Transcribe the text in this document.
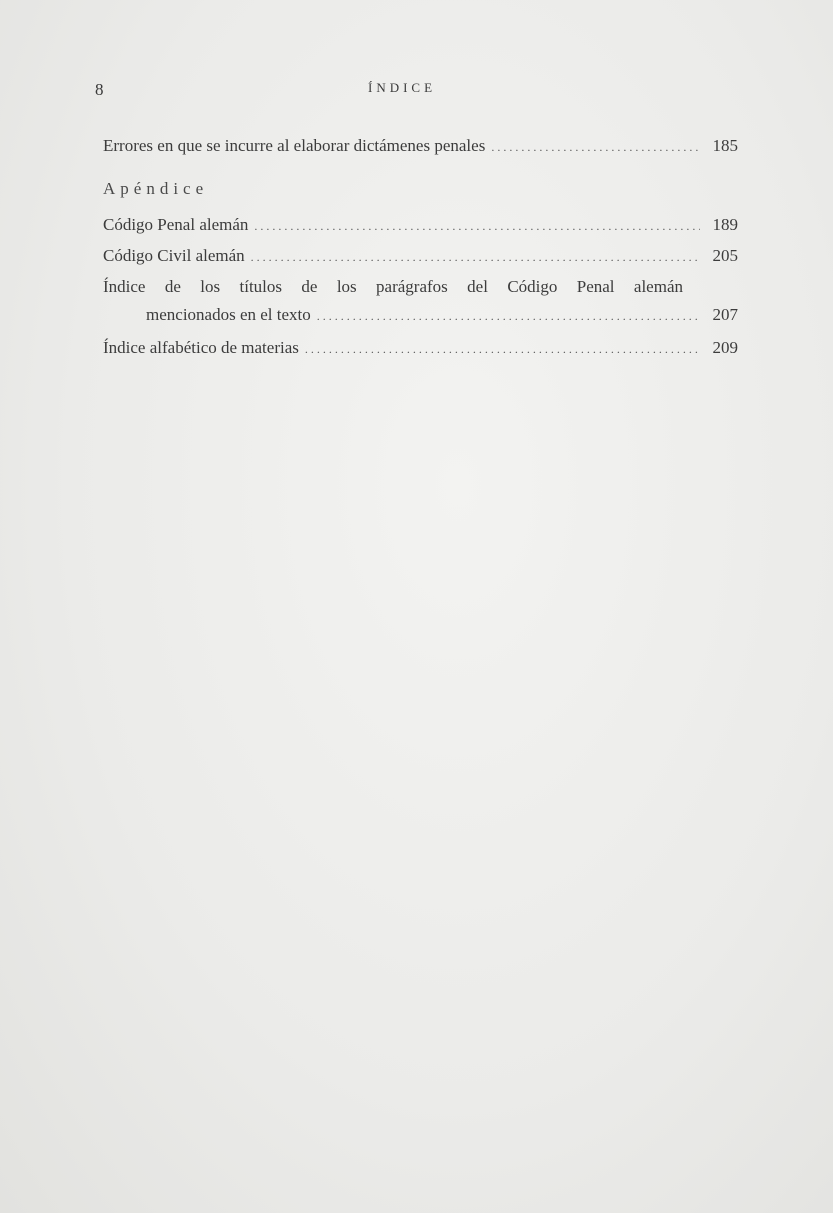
8	ÍNDICE
Errores en que se incurre al elaborar dictámenes penales . . .	185
Apéndice
Código Penal alemán . . .	189
Código Civil alemán . . .	205
Índice de los títulos de los parágrafos del Código Penal alemán
mencionados en el texto . . .	207
Índice alfabético de materias . . .	209
